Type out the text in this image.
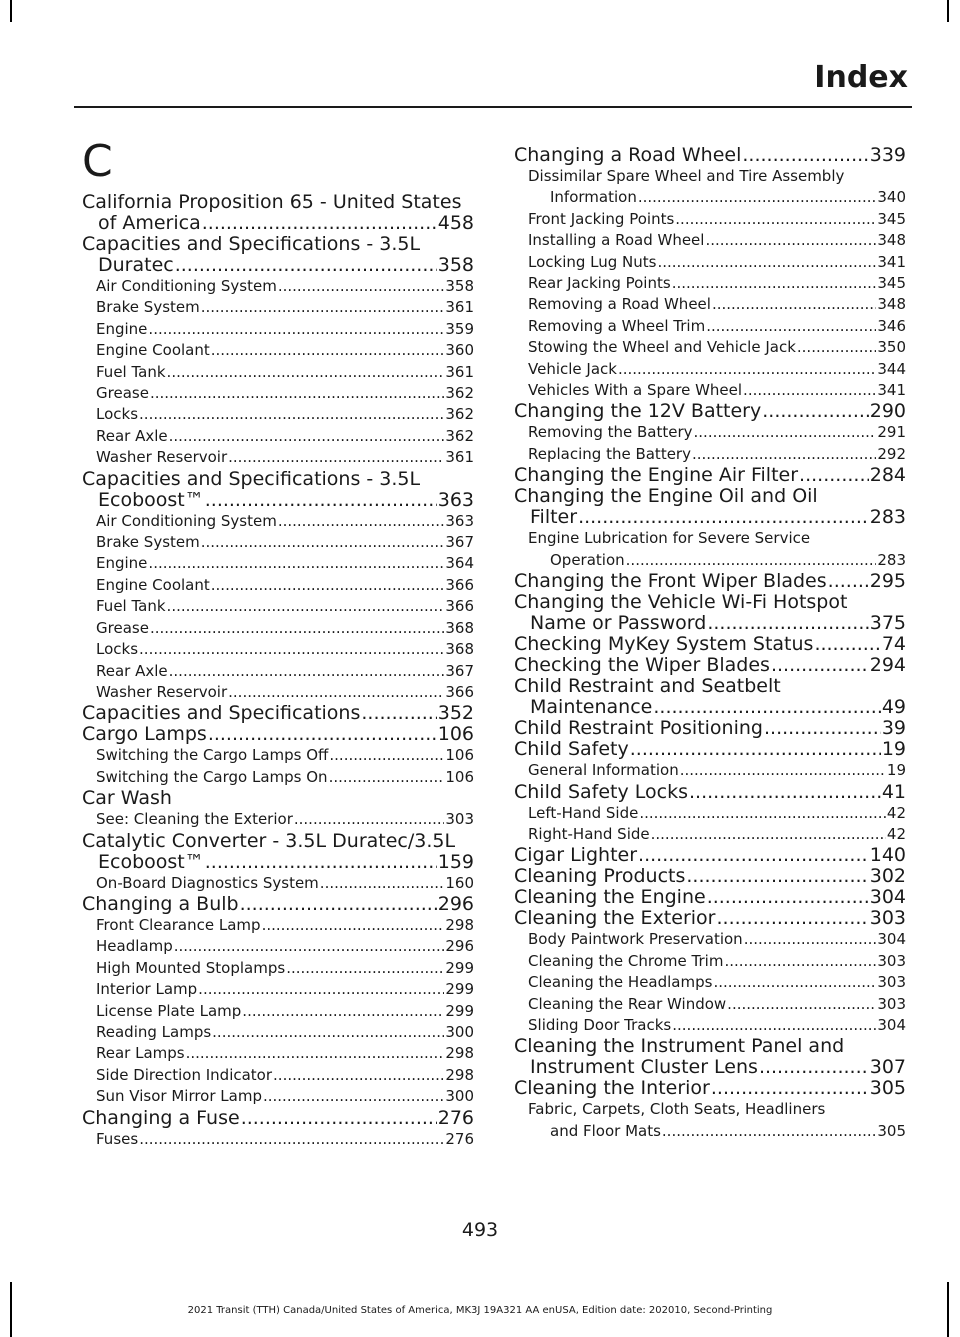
Index
C
California Proposition 65 - United States
of America .....	458
Capacities and Specifications - 3.5L
Duratec .....	358
Air Conditioning System .....	358
Brake System .....	361
Engine .....	359
Engine Coolant .....	360
Fuel Tank .....	361
Grease .....	362
Locks .....	362
Rear Axle .....	362
Washer Reservoir .....	361
Capacities and Specifications - 3.5L
Ecoboost™ .....	363
Air Conditioning System .....	363
Brake System .....	367
Engine .....	364
Engine Coolant .....	366
Fuel Tank .....	366
Grease .....	368
Locks .....	368
Rear Axle .....	367
Washer Reservoir .....	366
Capacities and Specifications .....	352
Cargo Lamps .....	106
Switching the Cargo Lamps Off .....	106
Switching the Cargo Lamps On .....	106
Car Wash
See: Cleaning the Exterior .....	303
Catalytic Converter - 3.5L Duratec/3.5L
Ecoboost™ .....	159
On-Board Diagnostics System .....	160
Changing a Bulb .....	296
Front Clearance Lamp .....	298
Headlamp .....	296
High Mounted Stoplamps .....	299
Interior Lamp .....	299
License Plate Lamp .....	299
Reading Lamps .....	300
Rear Lamps .....	298
Side Direction Indicator .....	298
Sun Visor Mirror Lamp .....	300
Changing a Fuse .....	276
Fuses .....	276
Changing a Road Wheel .....	339
Dissimilar Spare Wheel and Tire Assembly
Information .....	340
Front Jacking Points .....	345
Installing a Road Wheel .....	348
Locking Lug Nuts .....	341
Rear Jacking Points .....	345
Removing a Road Wheel .....	348
Removing a Wheel Trim .....	346
Stowing the Wheel and Vehicle Jack .....	350
Vehicle Jack .....	344
Vehicles With a Spare Wheel .....	341
Changing the 12V Battery .....	290
Removing the Battery .....	291
Replacing the Battery .....	292
Changing the Engine Air Filter .....	284
Changing the Engine Oil and Oil
Filter .....	283
Engine Lubrication for Severe Service
Operation .....	283
Changing the Front Wiper Blades ..... 295
Changing the Vehicle Wi-Fi Hotspot
Name or Password .....	375
Checking MyKey System Status .....	74
Checking the Wiper Blades .....	294
Child Restraint and Seatbelt
Maintenance .....	49
Child Restraint Positioning .....	39
Child Safety .....	19
General Information .....	19
Child Safety Locks .....	41
Left-Hand Side .....	42
Right-Hand Side .....	42
Cigar Lighter .....	140
Cleaning Products .....	302
Cleaning the Engine .....	304
Cleaning the Exterior .....	303
Body Paintwork Preservation .....	304
Cleaning the Chrome Trim .....	303
Cleaning the Headlamps .....	303
Cleaning the Rear Window .....	303
Sliding Door Tracks .....	304
Cleaning the Instrument Panel and
Instrument Cluster Lens .....	307
Cleaning the Interior .....	305
Fabric, Carpets, Cloth Seats, Headliners
and Floor Mats .....	305
493
2021 Transit (TTH) Canada/United States of America, MK3J 19A321 AA enUSA, Edition date: 202010, Second-Printing
